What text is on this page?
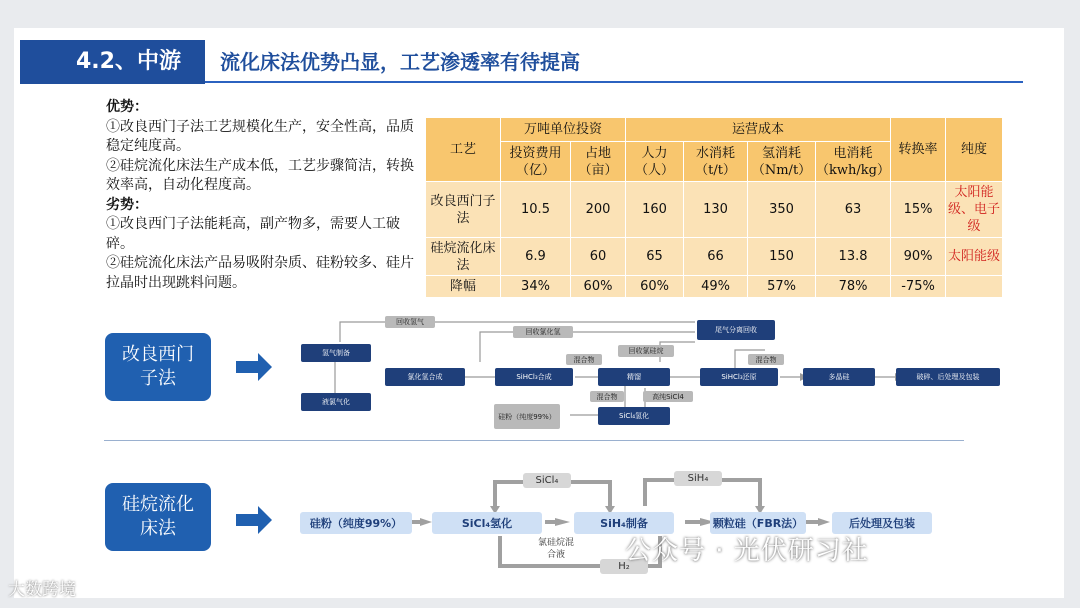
4.2、中游	流化床法优势凸显，工艺渗透率有待提高
优势：
①改良西门子法工艺规模化生产，安全性高，品质稳定纯度高。
②硅烷流化床法生产成本低，工艺步骤简洁，转换效率高，自动化程度高。
劣势：
①改良西门子法能耗高，副产物多，需要人工破碎。
②硅烷流化床法产品易吸附杂质、硅粉较多、硅片拉晶时出现跳料问题。
工艺	万吨单位投资		运营成本				转换率	纯度
	投资费用（亿）	占地（亩）	人力（人）	水消耗（t/t）	氢消耗（Nm/t）	电消耗（kwh/kg）		
改良西门子法	10.5	200	160	130	350	63	15%	太阳能级、电子级
硅烷流化床法	6.9	60	65	66	150	13.8	90%	太阳能级
降幅	34%	60%	60%	49%	57%	78%	-75%	
改良西门子法
氢气制备
液氯气化
氯化氢合成	SiHCl₃合成	精馏	SiHCl₃还原	多晶硅	破碎、后处理及包装
尾气分离回收
SiCl₄氢化
硅粉（纯度99%）
回收氢气
回收氯化氢
回收氯硅烷
混合物	混合物
混合物	高纯SiCl4
硅烷流化床法	硅粉（纯度99%）	SiCl₄氢化	SiH₄制备	颗粒硅（FBR法）	后处理及包装
SiCl₄	SiH₄
H₂
氯硅烷混合液	公众号 · 光伏研习社
大数跨境
